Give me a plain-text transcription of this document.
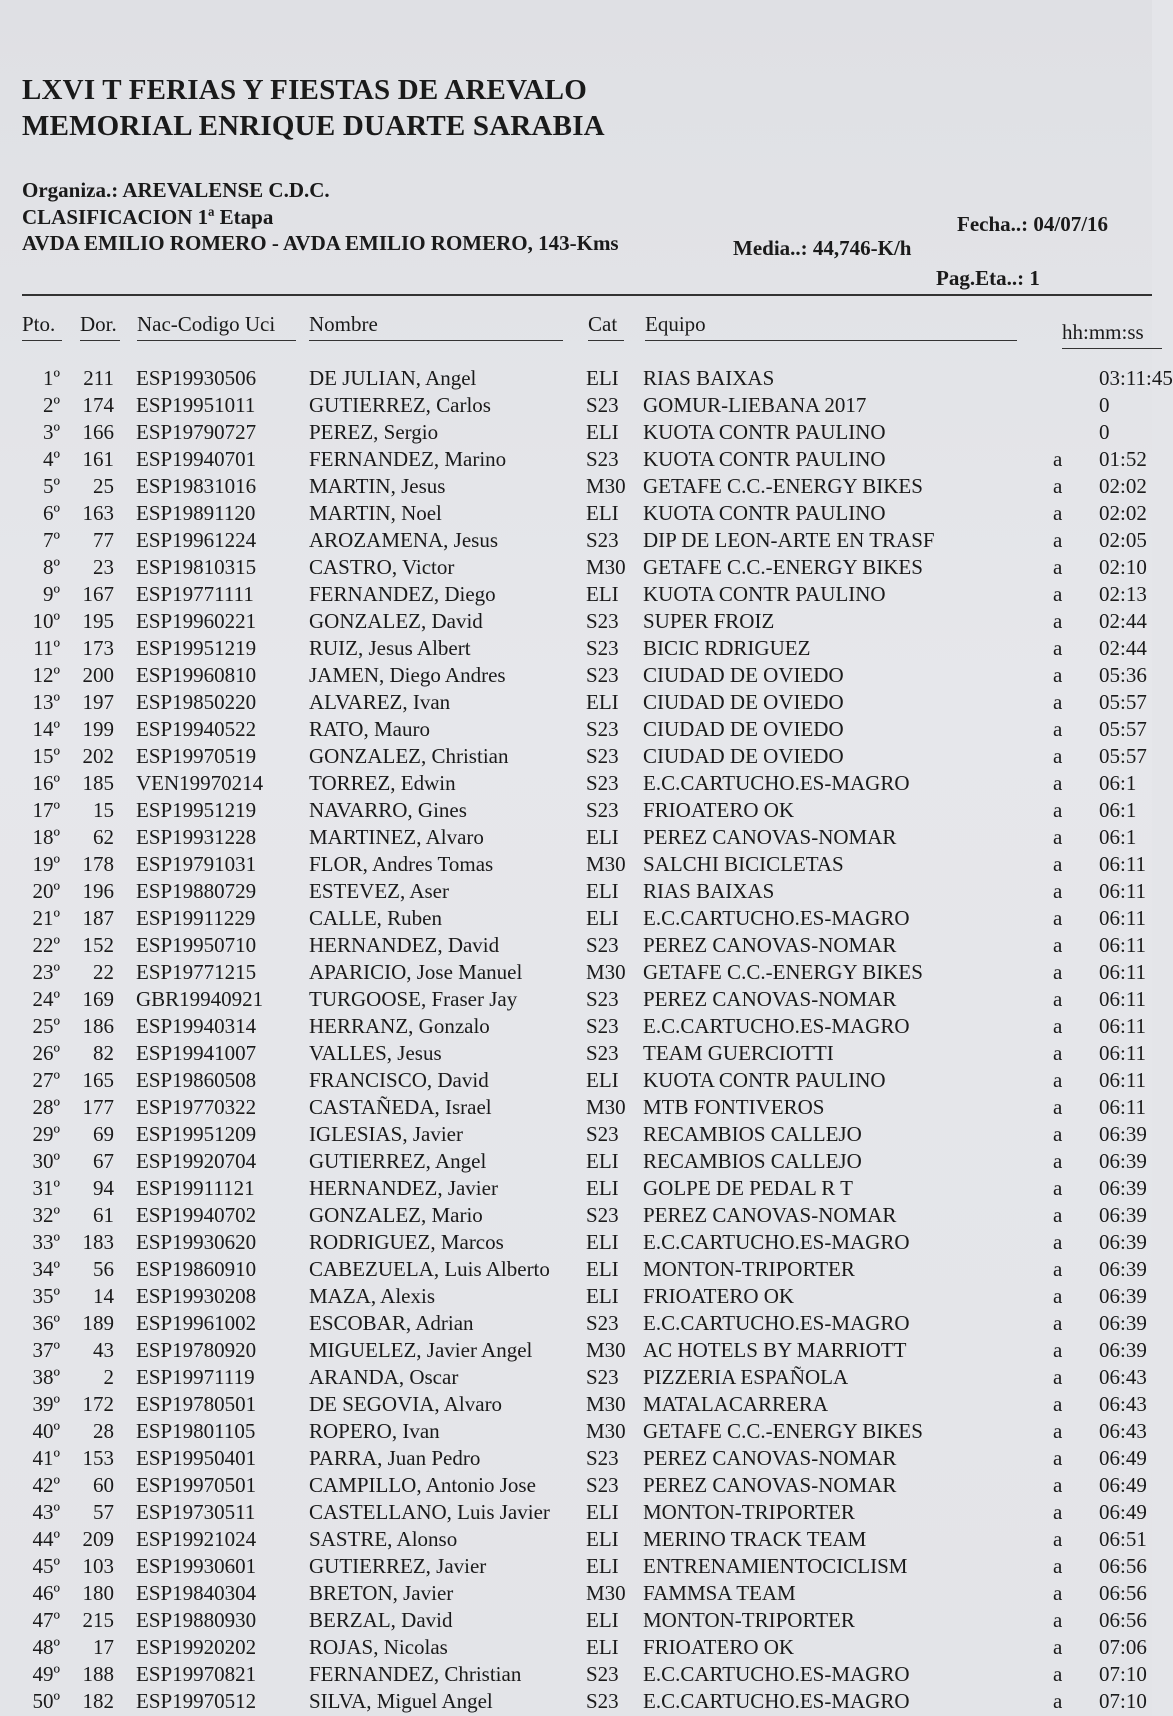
LXVI T FERIAS Y FIESTAS DE AREVALO
MEMORIAL ENRIQUE DUARTE SARABIA
Organiza.: AREVALENSE C.D.C.
CLASIFICACION 1ª Etapa
AVDA EMILIO ROMERO - AVDA EMILIO ROMERO, 143-Kms
Fecha..: 04/07/16
Media..: 44,746-K/h
Pag.Eta..: 1
Pto.	Dor. Nac-Codigo Uci	Nombre	Cat	Equipo	hh:mm:ss
1º	211 ESP19930506	DE JULIAN, Angel	ELI RIAS BAIXAS	03:11:45
2º	174 ESP19951011	GUTIERREZ, Carlos	S23 GOMUR-LIEBANA 2017	0
3º	166 ESP19790727	PEREZ, Sergio	ELI KUOTA CONTR PAULINO	0
4º	161 ESP19940701	FERNANDEZ, Marino	S23 KUOTA CONTR PAULINO	a 01:52
5º	25 ESP19831016	MARTIN, Jesus	M30 GETAFE C.C.-ENERGY BIKES	a 02:02
6º	163 ESP19891120	MARTIN, Noel	ELI KUOTA CONTR PAULINO	a 02:02
7º	77 ESP19961224	AROZAMENA, Jesus	S23 DIP DE LEON-ARTE EN TRASF	a 02:05
8º	23 ESP19810315	CASTRO, Victor	M30 GETAFE C.C.-ENERGY BIKES	a 02:10
9º	167 ESP19771111	FERNANDEZ, Diego	ELI KUOTA CONTR PAULINO	a 02:13
10º	195 ESP19960221	GONZALEZ, David	S23 SUPER FROIZ	a 02:44
11º	173 ESP19951219	RUIZ, Jesus Albert	S23 BICIC RDRIGUEZ	a 02:44
12º	200 ESP19960810	JAMEN, Diego Andres	S23 CIUDAD DE OVIEDO	a 05:36
13º	197 ESP19850220	ALVAREZ, Ivan	ELI CIUDAD DE OVIEDO	a 05:57
14º	199 ESP19940522	RATO, Mauro	S23 CIUDAD DE OVIEDO	a 05:57
15º	202 ESP19970519	GONZALEZ, Christian	S23 CIUDAD DE OVIEDO	a 05:57
16º	185 VEN19970214 TORREZ, Edwin	S23 E.C.CARTUCHO.ES-MAGRO	a 06:1
17º	15 ESP19951219	NAVARRO, Gines	S23 FRIOATERO OK	a 06:1
18º	62 ESP19931228	MARTINEZ, Alvaro	ELI PEREZ CANOVAS-NOMAR	a 06:1
19º	178 ESP19791031	FLOR, Andres Tomas	M30 SALCHI BICICLETAS	a 06:11
20º	196 ESP19880729	ESTEVEZ, Aser	ELI RIAS BAIXAS	a 06:11
21º	187 ESP19911229	CALLE, Ruben	ELI E.C.CARTUCHO.ES-MAGRO	a 06:11
22º	152 ESP19950710	HERNANDEZ, David	S23 PEREZ CANOVAS-NOMAR	a 06:11
23º	22 ESP19771215	APARICIO, Jose Manuel	M30 GETAFE C.C.-ENERGY BIKES	a 06:11
24º	169 GBR19940921 TURGOOSE, Fraser Jay	S23 PEREZ CANOVAS-NOMAR	a 06:11
25º	186 ESP19940314	HERRANZ, Gonzalo	S23 E.C.CARTUCHO.ES-MAGRO	a 06:11
26º	82 ESP19941007	VALLES, Jesus	S23 TEAM GUERCIOTTI	a 06:11
27º	165 ESP19860508	FRANCISCO, David	ELI KUOTA CONTR PAULINO	a 06:11
28º	177 ESP19770322	CASTAÑEDA, Israel	M30 MTB FONTIVEROS	a 06:11
29º	69 ESP19951209	IGLESIAS, Javier	S23 RECAMBIOS CALLEJO	a 06:39
30º	67 ESP19920704	GUTIERREZ, Angel	ELI RECAMBIOS CALLEJO	a 06:39
31º	94 ESP19911121	HERNANDEZ, Javier	ELI GOLPE DE PEDAL R T	a 06:39
32º	61 ESP19940702	GONZALEZ, Mario	S23 PEREZ CANOVAS-NOMAR	a 06:39
33º	183 ESP19930620	RODRIGUEZ, Marcos	ELI E.C.CARTUCHO.ES-MAGRO	a 06:39
34º	56 ESP19860910	CABEZUELA, Luis Alberto ELI MONTON-TRIPORTER	a 06:39
35º	14 ESP19930208	MAZA, Alexis	ELI FRIOATERO OK	a 06:39
36º	189 ESP19961002	ESCOBAR, Adrian	S23 E.C.CARTUCHO.ES-MAGRO	a 06:39
37º	43 ESP19780920	MIGUELEZ, Javier Angel	M30 AC HOTELS BY MARRIOTT	a 06:39
38º	2 ESP19971119	ARANDA, Oscar	S23 PIZZERIA ESPAÑOLA	a 06:43
39º	172 ESP19780501	DE SEGOVIA, Alvaro	M30 MATALACARRERA	a 06:43
40º	28 ESP19801105	ROPERO, Ivan	M30 GETAFE C.C.-ENERGY BIKES	a 06:43
41º	153 ESP19950401	PARRA, Juan Pedro	S23 PEREZ CANOVAS-NOMAR	a 06:49
42º	60 ESP19970501	CAMPILLO, Antonio Jose S23 PEREZ CANOVAS-NOMAR	a 06:49
43º	57 ESP19730511	CASTELLANO, Luis Javier ELI MONTON-TRIPORTER	a 06:49
44º	209 ESP19921024	SASTRE, Alonso	ELI MERINO TRACK TEAM	a 06:51
45º	103 ESP19930601	GUTIERREZ, Javier	ELI ENTRENAMIENTOCICLISM	a 06:56
46º	180 ESP19840304	BRETON, Javier	M30 FAMMSA TEAM	a 06:56
47º	215 ESP19880930	BERZAL, David	ELI MONTON-TRIPORTER	a 06:56
48º	17 ESP19920202	ROJAS, Nicolas	ELI FRIOATERO OK	a 07:06
49º	188 ESP19970821	FERNANDEZ, Christian	S23 E.C.CARTUCHO.ES-MAGRO	a 07:10
50º	182 ESP19970512	SILVA, Miguel Angel	S23 E.C.CARTUCHO.ES-MAGRO	a 07:10
